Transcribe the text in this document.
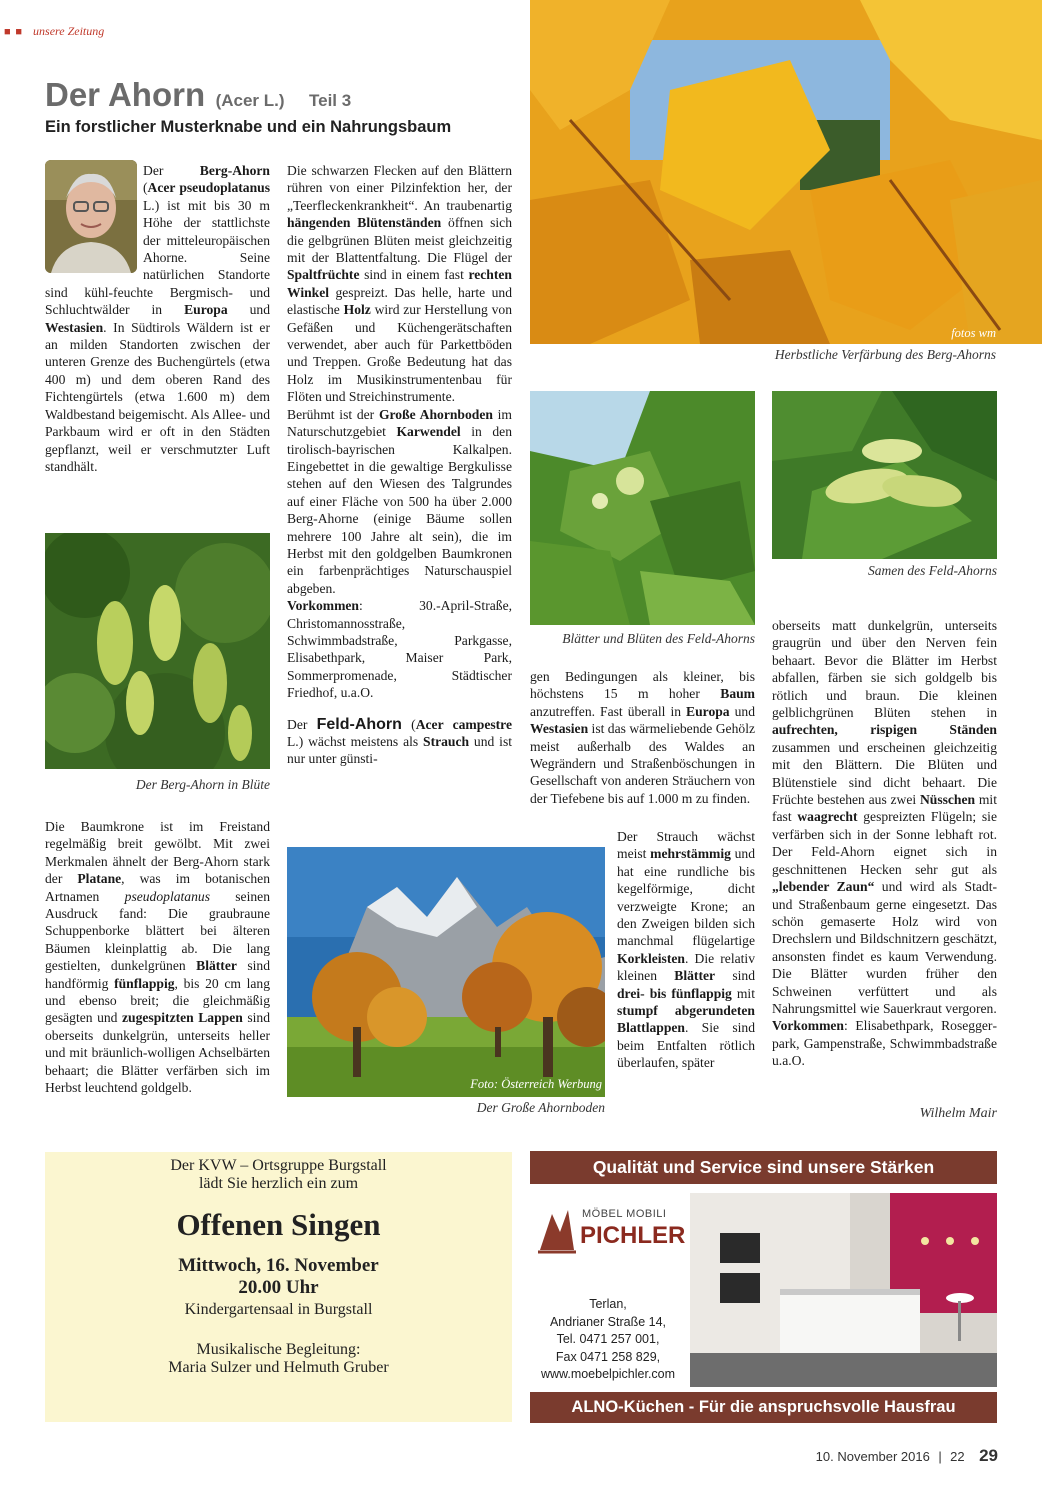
■ ■ unsere Zeitung
Der Ahorn (Acer L.) Teil 3
Ein forstlicher Musterknabe und ein Nahrungsbaum

Der Berg-Ahorn (Acer pseudoplatanus L.) ist mit bis 30 m Höhe der stattlichste der mitteleuropäischen Ahorne. Seine natürlichen Standorte sind kühl-feuchte Bergmisch- und Schluchtwälder in Europa und Westasien. In Südtirols Wäldern ist er an milden Standorten zwischen der unteren Grenze des Buchengürtels (etwa 400 m) und dem oberen Rand des Fichtengürtels (etwa 1.600 m) dem Waldbestand beigemischt. Als Allee- und Parkbaum wird er oft in den Städten gepflanzt, weil er verschmutzter Luft standhält.

Der Berg-Ahorn in Blüte

Die Baumkrone ist im Freistand regelmäßig breit gewölbt. Mit zwei Merkmalen ähnelt der Berg-Ahorn stark der Platane, was im botanischen Artnamen pseudoplatanus seinen Ausdruck fand: Die graubraune Schuppenborke blättert bei älteren Bäumen kleinplattig ab. Die lang gestielten, dunkelgrünen Blätter sind handförmig fünflappig, bis 20 cm lang und ebenso breit; die gleichmäßig gesägten und zugespitzten Lappen sind oberseits dunkelgrün, unterseits heller und mit bräunlich-wolligen Achselbärten behaart; die Blätter verfärben sich im Herbst leuchtend goldgelb.

Die schwarzen Flecken auf den Blättern rühren von einer Pilzinfektion her, der „Teerfleckenkrankheit“. An traubenartig hängenden Blütenständen öffnen sich die gelbgrünen Blüten meist gleichzeitig mit der Blattentfaltung. Die Flügel der Spaltfrüchte sind in einem fast rechten Winkel gespreizt. Das helle, harte und elastische Holz wird zur Herstellung von Gefäßen und Küchengerätschaften verwendet, aber auch für Parkettböden und Treppen. Große Bedeutung hat das Holz im Musikinstrumentenbau für Flöten und Streichinstrumente.

Berühmt ist der Große Ahornboden im Naturschutzgebiet Karwendel in den tirolisch-bayrischen Kalkalpen. Eingebettet in die gewaltige Bergkulisse stehen auf den Wiesen des Talgrundes auf einer Fläche von 500 ha über 2.000 Berg-Ahorne (einige Bäume sollen mehrere 100 Jahre alt sein), die im Herbst mit den goldgelben Baumkronen ein farbenprächtiges Naturschauspiel abgeben.

Vorkommen: 30.-April-Straße, Christomannosstraße, Schwimmbadstraße, Parkgasse, Elisabethpark, Maiser Park, Sommerpromenade, Städtischer Friedhof, u.a.O.

Der Feld-Ahorn (Acer campestre L.) wächst meistens als Strauch und ist nur unter günsti-

Foto: Österreich Werbung
Der Große Ahornboden
fotos wm
Herbstliche Verfärbung des Berg-Ahorns
Blätter und Blüten des Feld-Ahorns
Samen des Feld-Ahorns

gen Bedingungen als kleiner, bis höchstens 15 m hoher Baum anzutreffen. Fast überall in Europa und Westasien ist das wärmeliebende Gehölz meist außerhalb des Waldes an Wegrändern und Straßenböschungen in Gesellschaft von anderen Sträuchern von der Tiefebene bis auf 1.000 m zu finden.

Der Strauch wächst meist mehrstämmig und hat eine rundliche bis kegelförmige, dicht verzweigte Krone; an den Zweigen bilden sich manchmal flügelartige Korkleisten. Die relativ kleinen Blätter sind drei- bis fünflappig mit stumpf abgerundeten Blattlappen. Sie sind beim Entfalten rötlich überlaufen, später

oberseits matt dunkelgrün, unterseits graugrün und über den Nerven fein behaart. Bevor die Blätter im Herbst abfallen, färben sie sich goldgelb bis rötlich und braun. Die kleinen gelblichgrünen Blüten stehen in aufrechten, rispigen Ständen zusammen und erscheinen gleichzeitig mit den Blättern. Die Blüten und Blütenstiele sind dicht behaart. Die Früchte bestehen aus zwei Nüsschen mit fast waagrecht gespreizten Flügeln; sie verfärben sich in der Sonne lebhaft rot. Der Feld-Ahorn eignet sich in geschnittenen Hecken sehr gut als „lebender Zaun“ und wird als Stadt- und Straßenbaum gerne eingesetzt. Das schön gemaserte Holz wird von Drechslern und Bildschnitzern geschätzt, ansonsten findet es kaum Verwendung. Die Blätter wurden früher den Schweinen verfüttert und als Nahrungsmittel wie Sauerkraut vergoren.

Vorkommen: Elisabethpark, Roseggerpark, Gampenstraße, Schwimmbadstraße u.a.O.

Wilhelm Mair
Der KVW – Ortsgruppe Burgstall
lädt Sie herzlich ein zum
Offenen Singen
Mittwoch, 16. November
20.00 Uhr
Kindergartensaal in Burgstall
Musikalische Begleitung:
Maria Sulzer und Helmuth Gruber
Qualität und Service sind unsere Stärken
MÖBEL MOBILI
PICHLER
Terlan,
Andrianer Straße 14,
Tel. 0471 257 001,
Fax 0471 258 829,
www.moebelpichler.com
ALNO-Küchen - Für die anspruchsvolle Hausfrau
10. November 2016 | 22 29
